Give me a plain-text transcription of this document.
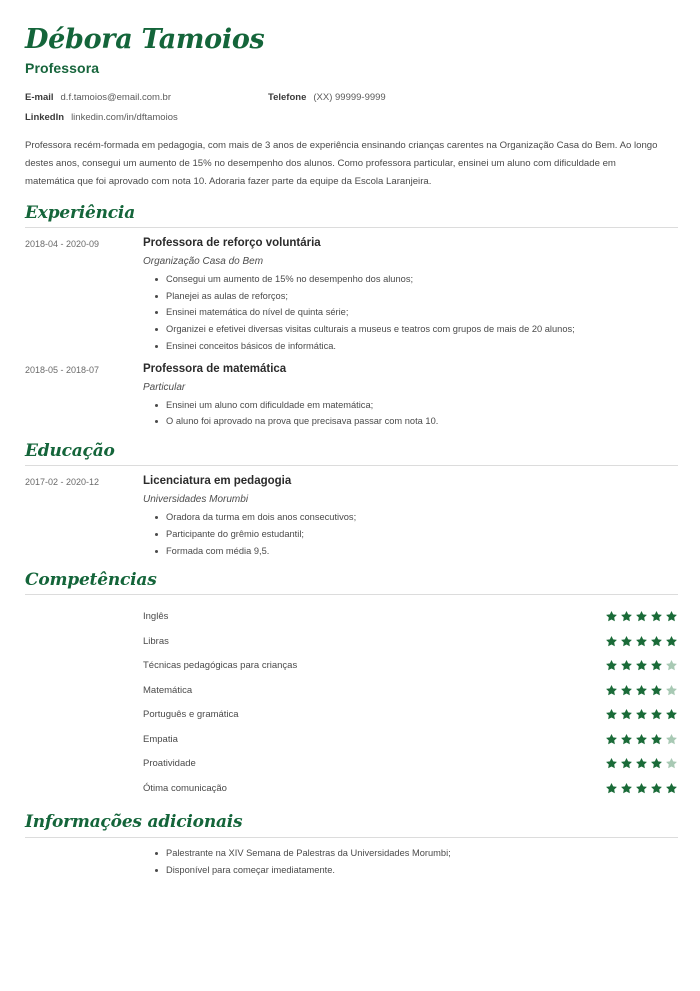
Débora Tamoios
Professora
E-mail d.f.tamoios@email.com.br	Telefone (XX) 99999-9999
LinkedIn linkedin.com/in/dftamoios

Professora recém-formada em pedagogia, com mais de 3 anos de experiência ensinando crianças carentes na Organização Casa do Bem. Ao longo destes anos, consegui um aumento de 15% no desempenho dos alunos. Como professora particular, ensinei um aluno com dificuldade em matemática que foi aprovado com nota 10. Adoraria fazer parte da equipe da Escola Laranjeira.

Experiência
2018-04 - 2020-09	Professora de reforço voluntária
Organização Casa do Bem
Consegui um aumento de 15% no desempenho dos alunos;
Planejei as aulas de reforços;
Ensinei matemática do nível de quinta série;
Organizei e efetivei diversas visitas culturais a museus e teatros com grupos de mais de 20 alunos;
Ensinei conceitos básicos de informática.
2018-05 - 2018-07	Professora de matemática
Particular
Ensinei um aluno com dificuldade em matemática;
O aluno foi aprovado na prova que precisava passar com nota 10.
Educação
2017-02 - 2020-12	Licenciatura em pedagogia
Universidades Morumbi
Oradora da turma em dois anos consecutivos;
Participante do grêmio estudantil;
Formada com média 9,5.
Competências
Inglês
Libras
Técnicas pedagógicas para crianças
Matemática
Português e gramática
Empatia
Proatividade
Ótima comunicação
Informações adicionais
Palestrante na XIV Semana de Palestras da Universidades Morumbi;
Disponível para começar imediatamente.
